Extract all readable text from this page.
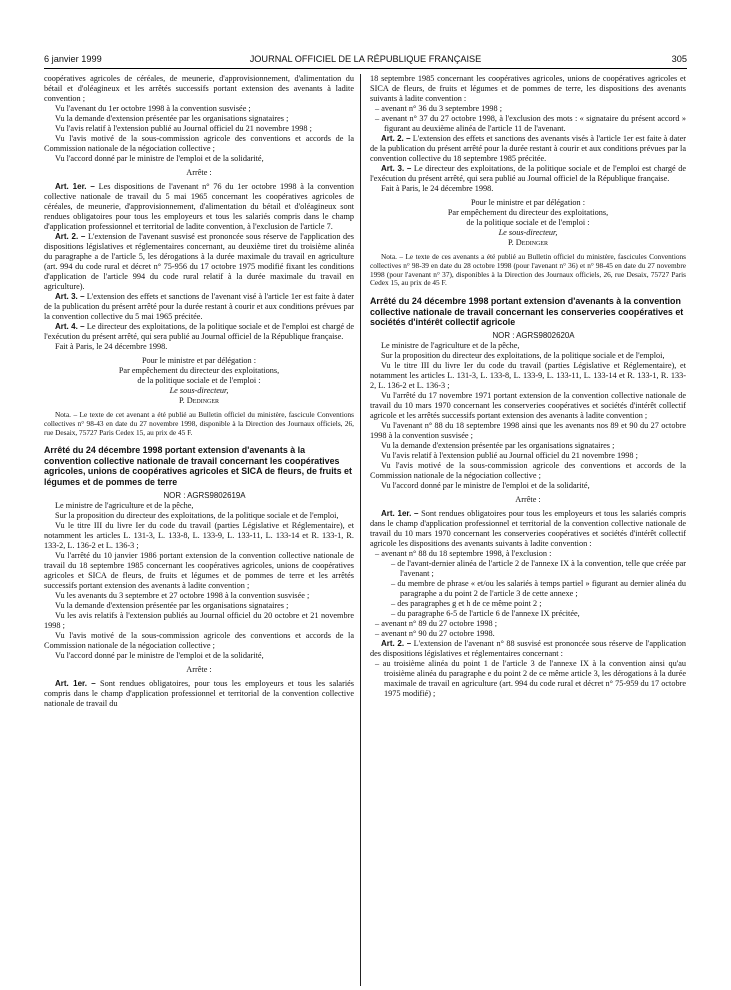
6 janvier 1999	JOURNAL OFFICIEL DE LA RÉPUBLIQUE FRANÇAISE	305

coopératives agricoles de céréales, de meunerie, d'approvisionnement, d'alimentation du bétail et d'oléagineux et les arrêtés successifs portant extension des avenants à ladite convention ;

Vu l'avenant du 1er octobre 1998 à la convention susvisée ;

Vu la demande d'extension présentée par les organisations signataires ;

Vu l'avis relatif à l'extension publié au Journal officiel du 21 novembre 1998 ;

Vu l'avis motivé de la sous-commission agricole des conventions et accords de la Commission nationale de la négociation collective ;

Vu l'accord donné par le ministre de l'emploi et de la solidarité,

Arrête :

Art. 1er. – Les dispositions de l'avenant n° 76 du 1er octobre 1998 à la convention collective nationale de travail du 5 mai 1965 concernant les coopératives agricoles de céréales, de meunerie, d'approvisionnement, d'alimentation du bétail et d'oléagineux sont rendues obligatoires pour tous les employeurs et tous les salariés compris dans le champ d'application professionnel et territorial de ladite convention, à l'exclusion de l'article 7.

Art. 2. – L'extension de l'avenant susvisé est prononcée sous réserve de l'application des dispositions législatives et réglementaires concernant, au deuxième tiret du troisième alinéa du paragraphe a de l'article 5, les dérogations à la durée maximale du travail en agriculture (art. 994 du code rural et décret n° 75-956 du 17 octobre 1975 modifié fixant les conditions d'application de l'article 994 du code rural relatif à la durée maximale du travail en agriculture).

Art. 3. – L'extension des effets et sanctions de l'avenant visé à l'article 1er est faite à dater de la publication du présent arrêté pour la durée restant à courir et aux conditions prévues par la convention collective du 5 mai 1965 précitée.

Art. 4. – Le directeur des exploitations, de la politique sociale et de l'emploi est chargé de l'exécution du présent arrêté, qui sera publié au Journal officiel de la République française.

Fait à Paris, le 24 décembre 1998.

Pour le ministre et par délégation :

Par empêchement du directeur des exploitations,

de la politique sociale et de l'emploi :

Le sous-directeur,

P. Dedinger

Nota. – Le texte de cet avenant a été publié au Bulletin officiel du ministère, fascicule Conventions collectives n° 98-43 en date du 27 novembre 1998, disponible à la Direction des Journaux officiels, 26, rue Desaix, 75727 Paris Cedex 15, au prix de 45 F.

Arrêté du 24 décembre 1998 portant extension d'avenants à la convention collective nationale de travail concernant les coopératives agricoles, unions de coopératives agricoles et SICA de fleurs, de fruits et légumes et de pommes de terre

NOR : AGRS9802619A

Le ministre de l'agriculture et de la pêche,

Sur la proposition du directeur des exploitations, de la politique sociale et de l'emploi,

Vu le titre III du livre Ier du code du travail (parties Législative et Réglementaire), et notamment les articles L. 131-3, L. 133-8, L. 133-9, L. 133-11, L. 133-14 et R. 133-1, R. 133-2, L. 136-2 et L. 136-3 ;

Vu l'arrêté du 10 janvier 1986 portant extension de la convention collective nationale de travail du 18 septembre 1985 concernant les coopératives agricoles, unions de coopératives agricoles et SICA de fleurs, de fruits et légumes et de pommes de terre et les arrêtés successifs portant extension des avenants à ladite convention ;

Vu les avenants du 3 septembre et 27 octobre 1998 à la convention susvisée ;

Vu la demande d'extension présentée par les organisations signataires ;

Vu les avis relatifs à l'extension publiés au Journal officiel du 20 octobre et 21 novembre 1998 ;

Vu l'avis motivé de la sous-commission agricole des conventions et accords de la Commission nationale de la négociation collective ;

Vu l'accord donné par le ministre de l'emploi et de la solidarité,

Arrête :

Art. 1er. – Sont rendues obligatoires, pour tous les employeurs et tous les salariés compris dans le champ d'application professionnel et territorial de la convention collective nationale de travail du

18 septembre 1985 concernant les coopératives agricoles, unions de coopératives agricoles et SICA de fleurs, de fruits et légumes et de pommes de terre, les dispositions des avenants suivants à ladite convention :

– avenant n° 36 du 3 septembre 1998 ;

– avenant n° 37 du 27 octobre 1998, à l'exclusion des mots : « signataire du présent accord » figurant au deuxième alinéa de l'article 11 de l'avenant.

Art. 2. – L'extension des effets et sanctions des avenants visés à l'article 1er est faite à dater de la publication du présent arrêté pour la durée restant à courir et aux conditions prévues par la convention collective du 18 septembre 1985 précitée.

Art. 3. – Le directeur des exploitations, de la politique sociale et de l'emploi est chargé de l'exécution du présent arrêté, qui sera publié au Journal officiel de la République française.

Fait à Paris, le 24 décembre 1998.

Pour le ministre et par délégation :

Par empêchement du directeur des exploitations,

de la politique sociale et de l'emploi :

Le sous-directeur,

P. Dedinger

Nota. – Le texte de ces avenants a été publié au Bulletin officiel du ministère, fascicules Conventions collectives n° 98-39 en date du 28 octobre 1998 (pour l'avenant n° 36) et n° 98-45 en date du 27 novembre 1998 (pour l'avenant n° 37), disponibles à la Direction des Journaux officiels, 26, rue Desaix, 75727 Paris Cedex 15, au prix de 45 F.

Arrêté du 24 décembre 1998 portant extension d'avenants à la convention collective nationale de travail concernant les conserveries coopératives et sociétés d'intérêt collectif agricole

NOR : AGRS9802620A

Le ministre de l'agriculture et de la pêche,

Sur la proposition du directeur des exploitations, de la politique sociale et de l'emploi,

Vu le titre III du livre Ier du code du travail (parties Législative et Réglementaire), et notamment les articles L. 131-3, L. 133-8, L. 133-9, L. 133-11, L. 133-14 et R. 133-1, R. 133-2, L. 136-2 et L. 136-3 ;

Vu l'arrêté du 17 novembre 1971 portant extension de la convention collective nationale de travail du 10 mars 1970 concernant les conserveries coopératives et sociétés d'intérêt collectif agricole et les arrêtés successifs portant extension des avenants à ladite convention ;

Vu l'avenant n° 88 du 18 septembre 1998 ainsi que les avenants nos 89 et 90 du 27 octobre 1998 à la convention susvisée ;

Vu la demande d'extension présentée par les organisations signataires ;

Vu l'avis relatif à l'extension publié au Journal officiel du 21 novembre 1998 ;

Vu l'avis motivé de la sous-commission agricole des conventions et accords de la Commission nationale de la négociation collective ;

Vu l'accord donné par le ministre de l'emploi et de la solidarité,

Arrête :

Art. 1er. – Sont rendues obligatoires pour tous les employeurs et tous les salariés compris dans le champ d'application professionnel et territorial de la convention collective nationale de travail du 10 mars 1970 concernant les conserveries coopératives et sociétés d'intérêt collectif agricole les dispositions des avenants suivants à ladite convention :

– avenant n° 88 du 18 septembre 1998, à l'exclusion :

– de l'avant-dernier alinéa de l'article 2 de l'annexe IX à la convention, telle que créée par l'avenant ;

– du membre de phrase « et/ou les salariés à temps partiel » figurant au dernier alinéa du paragraphe a du point 2 de l'article 3 de cette annexe ;

– des paragraphes g et h de ce même point 2 ;

– du paragraphe 6-5 de l'article 6 de l'annexe IX précitée,

– avenant n° 89 du 27 octobre 1998 ;

– avenant n° 90 du 27 octobre 1998.

Art. 2. – L'extension de l'avenant n° 88 susvisé est prononcée sous réserve de l'application des dispositions législatives et réglementaires concernant :

– au troisième alinéa du point 1 de l'article 3 de l'annexe IX à la convention ainsi qu'au troisième alinéa du paragraphe e du point 2 de ce même article 3, les dérogations à la durée maximale de travail en agriculture (art. 994 du code rural et décret n° 75-959 du 17 octobre 1975 modifié) ;
